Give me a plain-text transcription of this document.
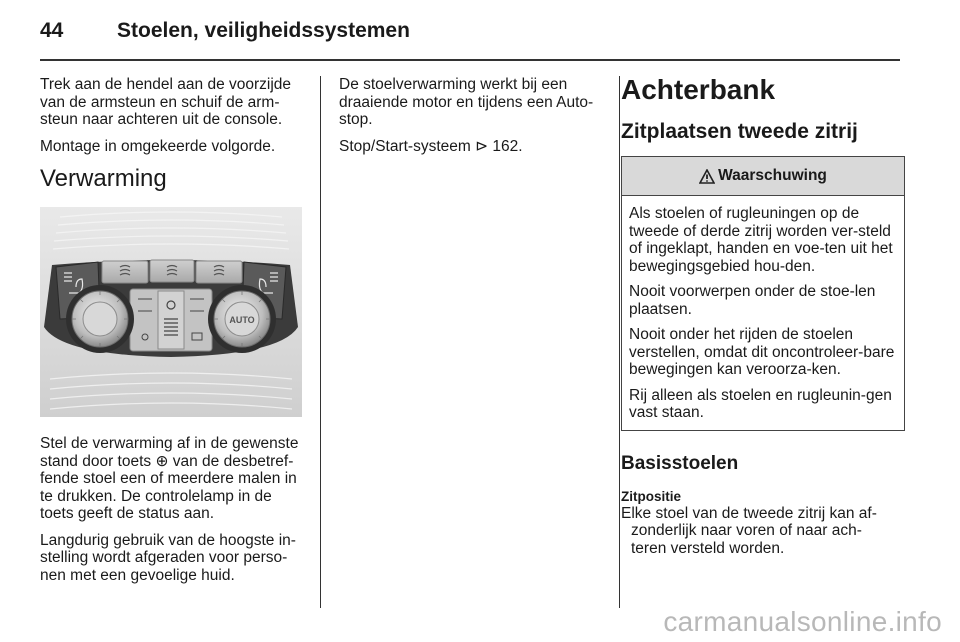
44	Stoelen, veiligheidssystemen

Trek aan de hendel aan de voorzijde van de armsteun en schuif de arm-steun naar achteren uit de console.

Montage in omgekeerde volgorde.

Verwarming
AUTO

Stel de verwarming af in de gewenste stand door toets ⊕ van de desbetref-fende stoel een of meerdere malen in te drukken. De controlelamp in de toets geeft de status aan.

Langdurig gebruik van de hoogste in-stelling wordt afgeraden voor perso-nen met een gevoelige huid.

De stoelverwarming werkt bij een draaiende motor en tijdens een Auto-stop.

Stop/Start-systeem ⊳ 162.

Achterbank
Zitplaatsen tweede zitrij
Waarschuwing

Als stoelen of rugleuningen op de tweede of derde zitrij worden ver-steld of ingeklapt, handen en voe-ten uit het bewegingsgebied hou-den.

Nooit voorwerpen onder de stoe-len plaatsen.

Nooit onder het rijden de stoelen verstellen, omdat dit oncontroleer-bare bewegingen kan veroorza-ken.

Rij alleen als stoelen en rugleunin-gen vast staan.

Basisstoelen
Zitpositie

Elke stoel van de tweede zitrij kan af-
zonderlijk naar voren of naar ach-
teren versteld worden.

carmanualsonline.info
